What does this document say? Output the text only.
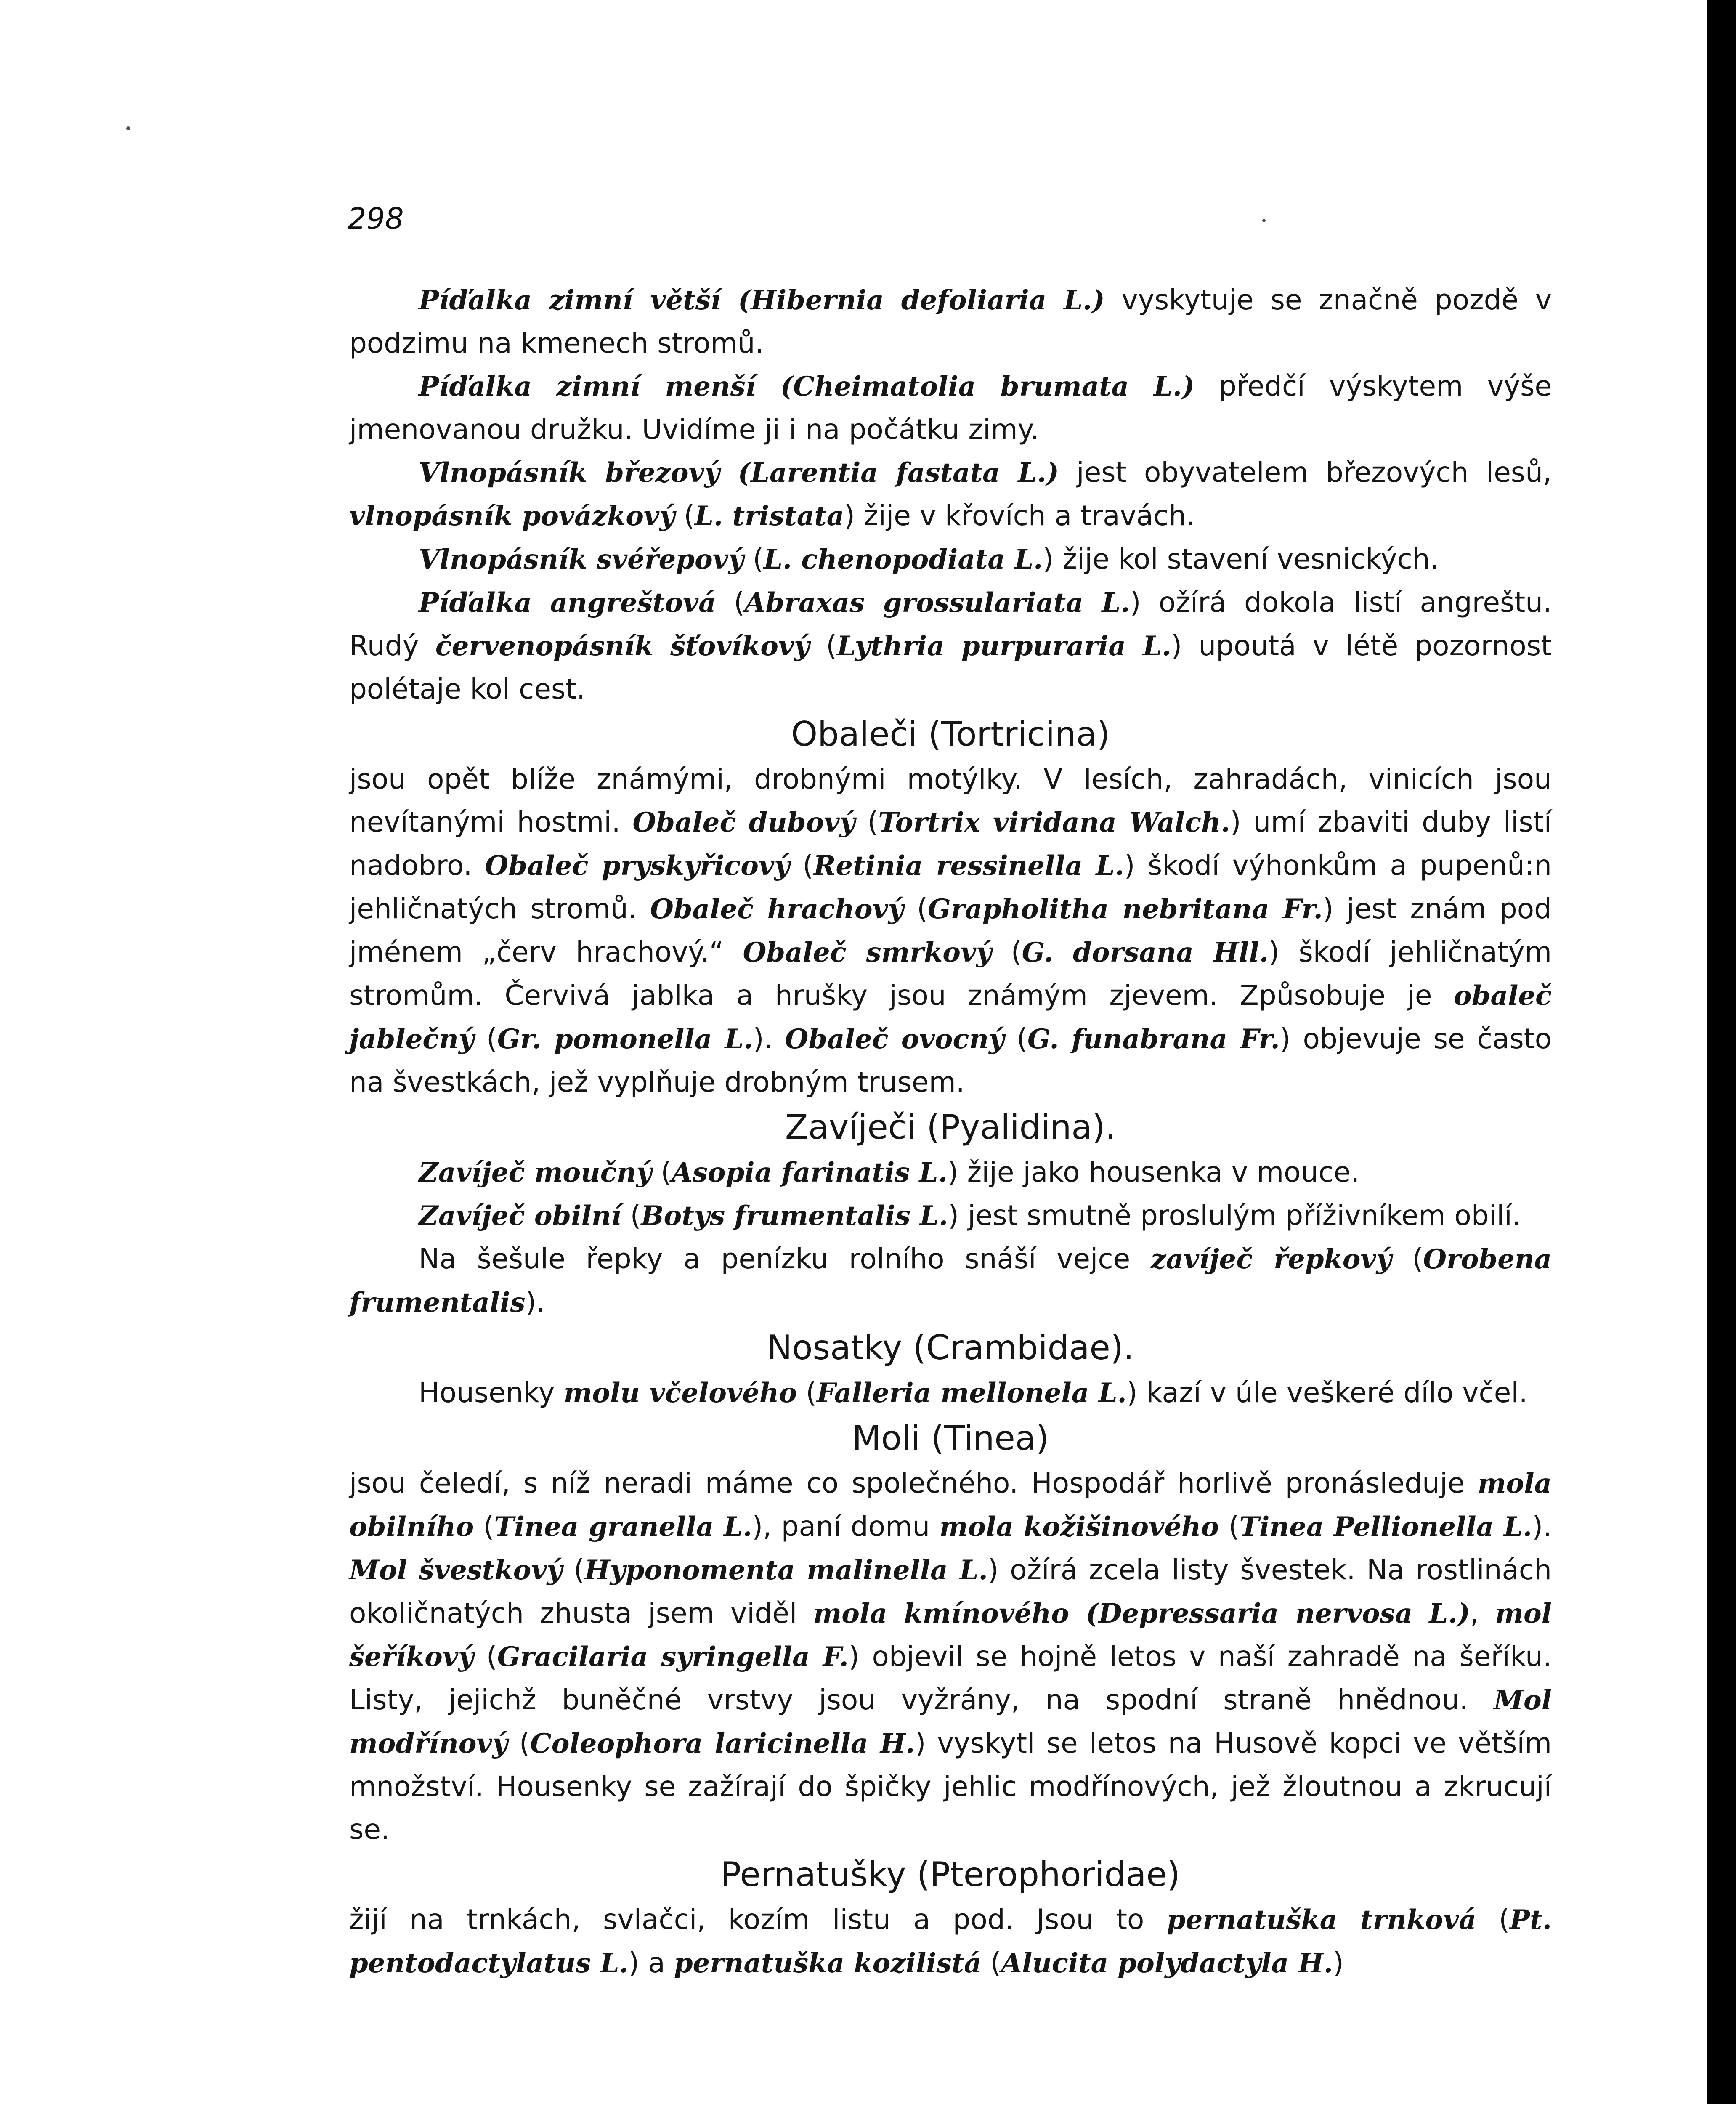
298

Píďalka zimní větší (Hibernia defoliaria L.) vyskytuje se značně pozdě v podzimu na kmenech stromů.

Píďalka zimní menší (Cheimatolia brumata L.) předčí výskytem výše jmenovanou družku. Uvidíme ji i na počátku zimy.

Vlnopásník březový (Larentia fastata L.) jest obyvatelem březových lesů, vlnopásník povázkový (L. tristata) žije v křovích a travách.

Vlnopásník svéřepový (L. chenopodiata L.) žije kol stavení vesnických.

Píďalka angreštová (Abraxas grossulariata L.) ožírá dokola listí angreštu. Rudý červenopásník šťovíkový (Lythria purpuraria L.) upoutá v létě pozornost polétaje kol cest.

Obaleči (Tortricina)

jsou opět blíže známými, drobnými motýlky. V lesích, zahradách, vinicích jsou nevítanými hostmi. Obaleč dubový (Tortrix viridana Walch.) umí zbaviti duby listí nadobro. Obaleč pryskyřicový (Retinia ressinella L.) škodí výhonkům a pupenů:n jehličnatých stromů. Obaleč hrachový (Grapholitha nebritana Fr.) jest znám pod jménem „červ hrachový.“ Obaleč smrkový (G. dorsana Hll.) škodí jehličnatým stromům. Červivá jablka a hrušky jsou známým zjevem. Způsobuje je obaleč jablečný (Gr. pomonella L.). Obaleč ovocný (G. funabrana Fr.) objevuje se často na švestkách, jež vyplňuje drobným trusem.

Zavíječi (Pyalidina).

Zavíječ moučný (Asopia farinatis L.) žije jako housenka v mouce.

Zavíječ obilní (Botys frumentalis L.) jest smutně proslulým příživníkem obilí.

Na šešule řepky a penízku rolního snáší vejce zavíječ řepkový (Orobena frumentalis).

Nosatky (Crambidae).

Housenky molu včelového (Falleria mellonela L.) kazí v úle veškeré dílo včel.

Moli (Tinea)

jsou čeledí, s níž neradi máme co společného. Hospodář horlivě pronásleduje mola obilního (Tinea granella L.), paní domu mola kožišinového (Tinea Pellionella L.). Mol švestkový (Hyponomenta malinella L.) ožírá zcela listy švestek. Na rostlinách okoličnatých zhusta jsem viděl mola kmínového (Depressaria nervosa L.), mol šeříkový (Gracilaria syringella F.) objevil se hojně letos v naší zahradě na šeříku. Listy, jejichž buněčné vrstvy jsou vyžrány, na spodní straně hnědnou. Mol modřínový (Coleophora laricinella H.) vyskytl se letos na Husově kopci ve větším množství. Housenky se zažírají do špičky jehlic modřínových, jež žloutnou a zkrucují se.

Pernatušky (Pterophoridae)

žijí na trnkách, svlačci, kozím listu a pod. Jsou to pernatuška trnková (Pt. pentodactylatus L.) a pernatuška kozilistá (Alucita polydactyla H.)
